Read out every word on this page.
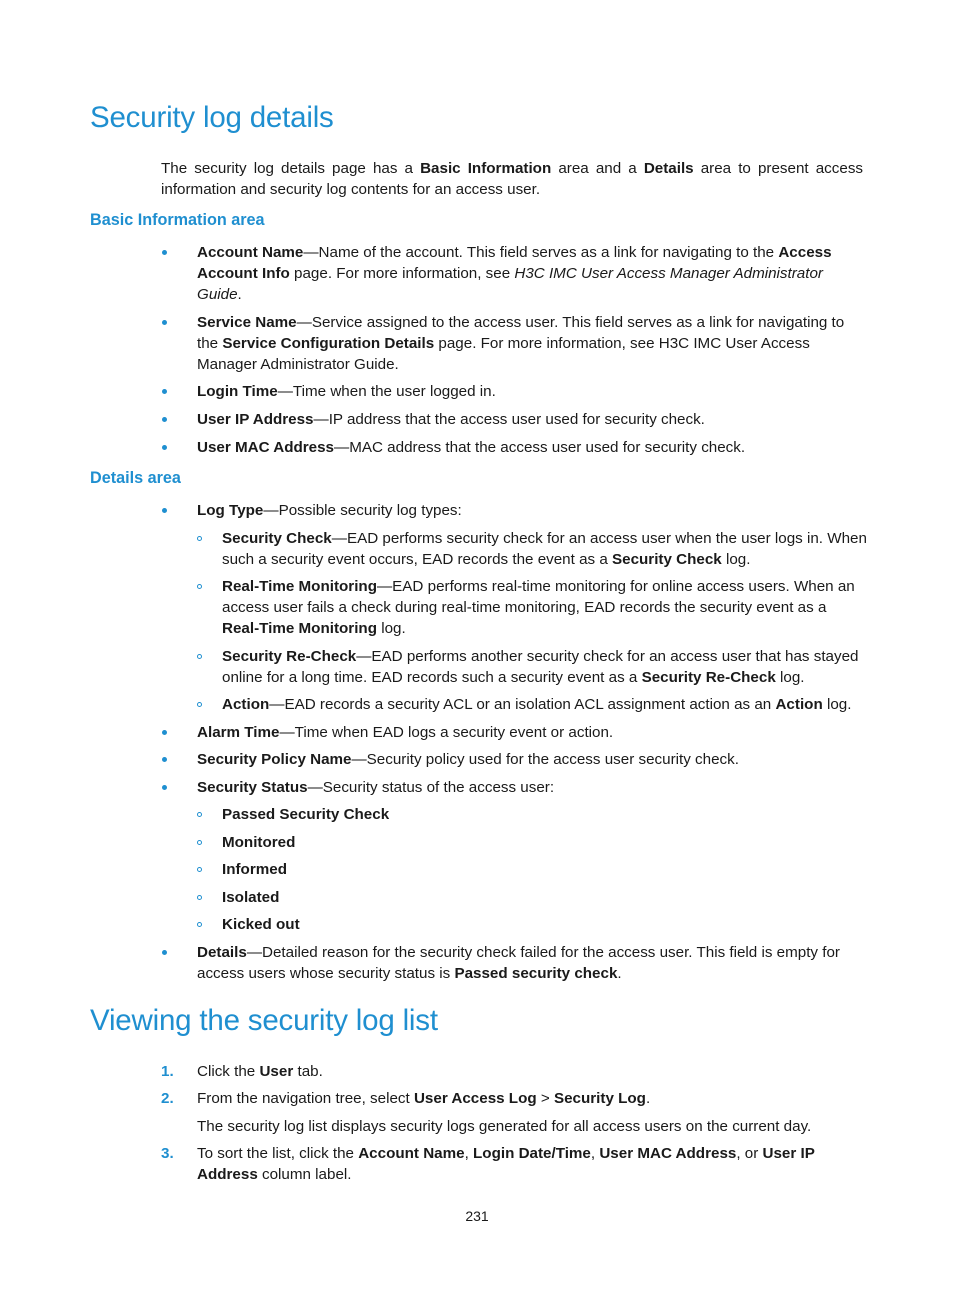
Security log details

The security log details page has a Basic Information area and a Details area to present access information and security log contents for an access user.

Basic Information area
Account Name—Name of the account. This field serves as a link for navigating to the Access Account Info page. For more information, see H3C IMC User Access Manager Administrator Guide.
Service Name—Service assigned to the access user. This field serves as a link for navigating to the Service Configuration Details page. For more information, see H3C IMC User Access Manager Administrator Guide.
Login Time—Time when the user logged in.
User IP Address—IP address that the access user used for security check.
User MAC Address—MAC address that the access user used for security check.
Details area
Log Type—Possible security log types:
Security Check—EAD performs security check for an access user when the user logs in. When such a security event occurs, EAD records the event as a Security Check log.
Real-Time Monitoring—EAD performs real-time monitoring for online access users. When an access user fails a check during real-time monitoring, EAD records the security event as a Real-Time Monitoring log.
Security Re-Check—EAD performs another security check for an access user that has stayed online for a long time. EAD records such a security event as a Security Re-Check log.
Action—EAD records a security ACL or an isolation ACL assignment action as an Action log.
Alarm Time—Time when EAD logs a security event or action.
Security Policy Name—Security policy used for the access user security check.
Security Status—Security status of the access user:
Passed Security Check
Monitored
Informed
Isolated
Kicked out
Details—Detailed reason for the security check failed for the access user. This field is empty for access users whose security status is Passed security check.
Viewing the security log list
1. Click the User tab.
2. From the navigation tree, select User Access Log > Security Log.
The security log list displays security logs generated for all access users on the current day.
3. To sort the list, click the Account Name, Login Date/Time, User MAC Address, or User IP Address column label.
231
